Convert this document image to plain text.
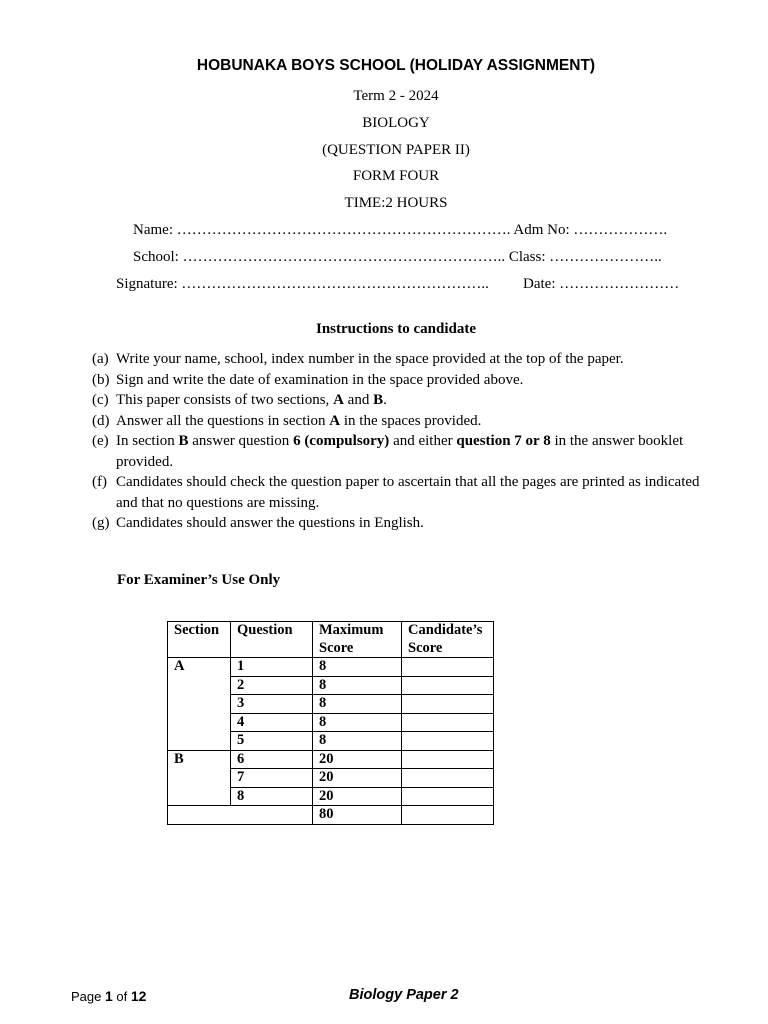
HOBUNAKA BOYS SCHOOL (HOLIDAY ASSIGNMENT)
Term 2 - 2024
BIOLOGY
(QUESTION PAPER II)
FORM FOUR
TIME:2 HOURS
Name: …………………………………………………………. Adm No: ……………….
School: ……………………………………………………….. Class: …………………..
Signature: …………………………………………………….. Date: ……………………
Instructions to candidate
(a) Write your name, school, index number in the space provided at the top of the paper.
(b) Sign and write the date of examination in the space provided above.
(c) This paper consists of two sections, A and B.
(d) Answer all the questions in section A in the spaces provided.
(e) In section B answer question 6 (compulsory) and either question 7 or 8 in the answer booklet provided.
(f) Candidates should check the question paper to ascertain that all the pages are printed as indicated and that no questions are missing.
(g) Candidates should answer the questions in English.
For Examiner’s Use Only
Section	Question	Maximum Score	Candidate’s Score
A	1	8	
	2	8	
	3	8	
	4	8	
	5	8	
B	6	20	
	7	20	
	8	20	
		80	
Page 1 of 12	Biology Paper 2
